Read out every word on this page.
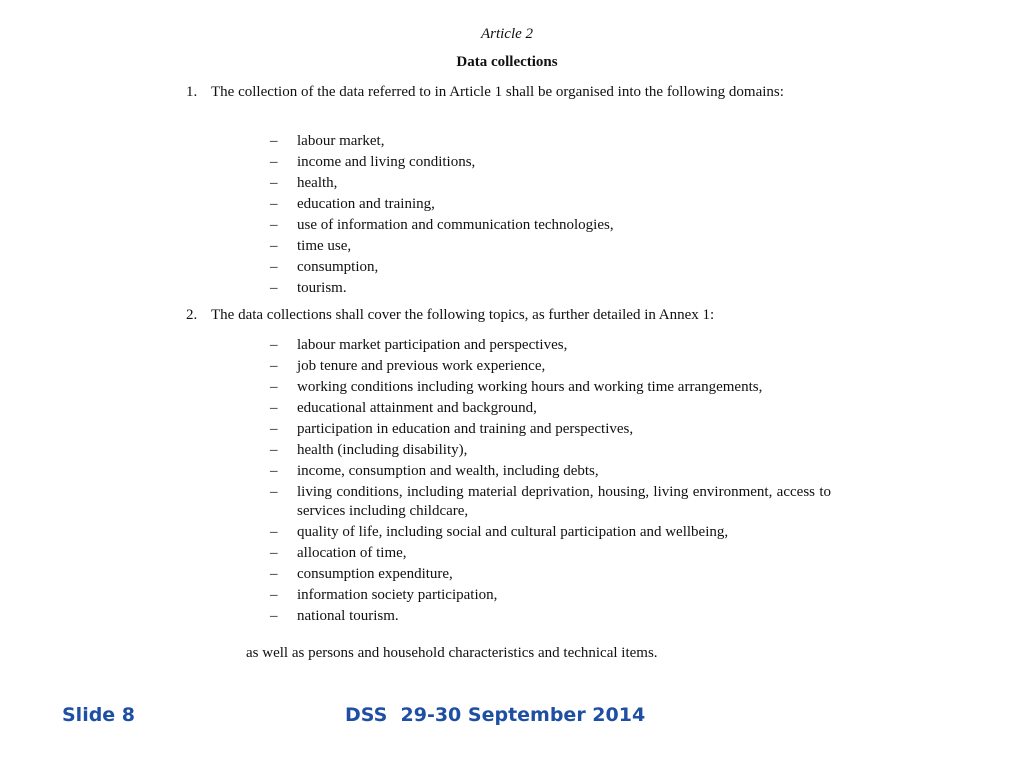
Article 2
Data collections
1. The collection of the data referred to in Article 1 shall be organised into the following domains:
– labour market,
– income and living conditions,
– health,
– education and training,
– use of information and communication technologies,
– time use,
– consumption,
– tourism.
2. The data collections shall cover the following topics, as further detailed in Annex 1:
– labour market participation and perspectives,
– job tenure and previous work experience,
– working conditions including working hours and working time arrangements,
– educational attainment and background,
– participation in education and training and perspectives,
– health (including disability),
– income, consumption and wealth, including debts,
– living conditions, including material deprivation, housing, living environment, access to services including childcare,
– quality of life, including social and cultural participation and wellbeing,
– allocation of time,
– consumption expenditure,
– information society participation,
– national tourism.
as well as persons and household characteristics and technical items.
Slide 8	DSS  29-30 September 2014
